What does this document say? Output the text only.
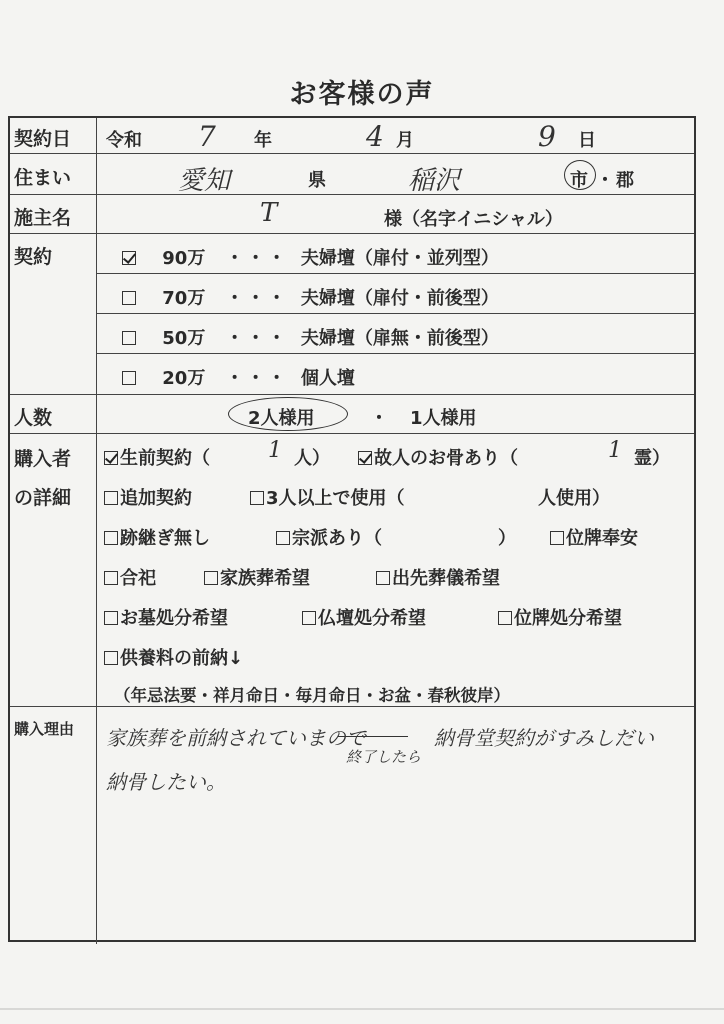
お客様の声
契約日 令和 7 年	4 月	9 日
住まい	愛知	県	稲沢	市 ・ 郡
施主名	T	様（名字イニシャル）
契約	90万 ・・・ 夫婦壇（扉付・並列型）
70万 ・・・ 夫婦壇（扉付・前後型）
50万 ・・・ 夫婦壇（扉無・前後型）
20万 ・・・ 個人壇
人数	2人様用	・ 1人様用
購入者
の詳細
生前契約（	1 人）	故人のお骨あり（	1 霊）
追加契約	3人以上で使用（	人使用）
跡継ぎ無し	宗派あり（	）	位牌奉安
合祀	家族葬希望	出先葬儀希望
お墓処分希望	仏壇処分希望	位牌処分希望
供養料の前納↓
（年忌法要・祥月命日・毎月命日・お盆・春秋彼岸）
購入理由 家族葬を前納されていまので	納骨堂契約がすみしだい
終了したら
納骨したい。
